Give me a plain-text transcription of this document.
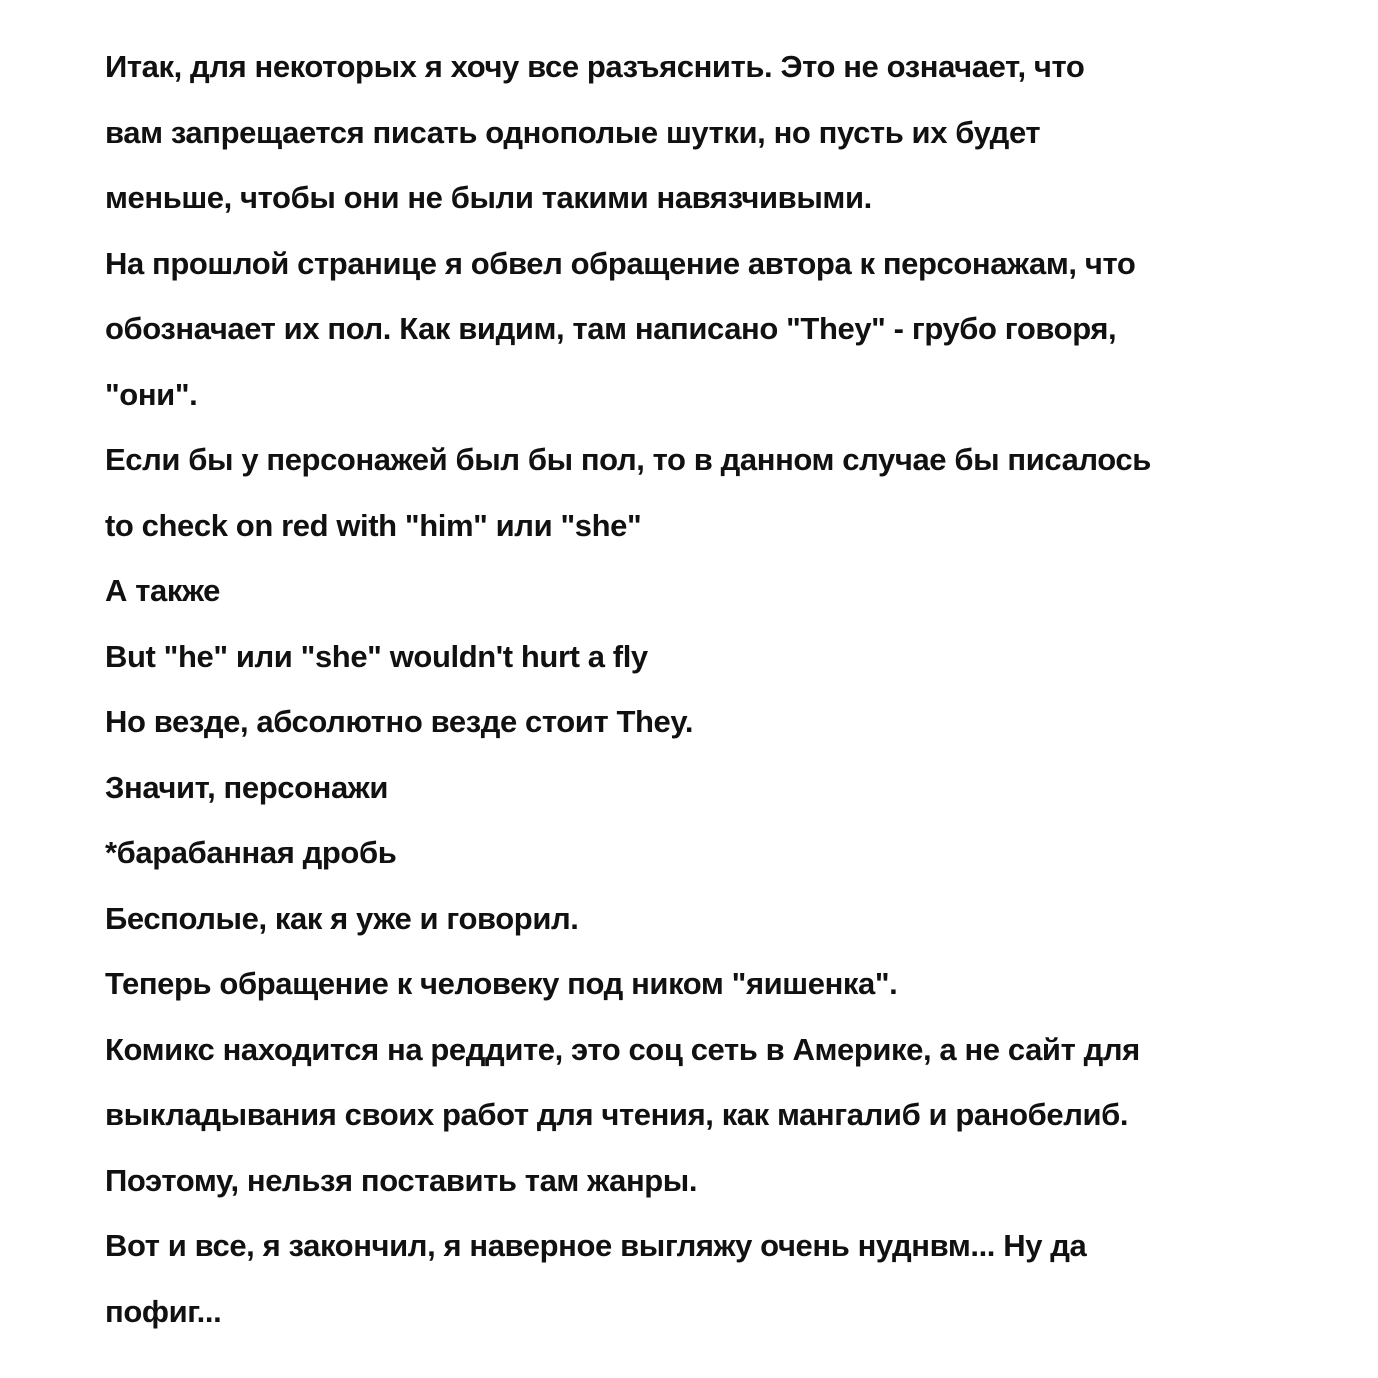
Итак, для некоторых я хочу все разъяснить. Это не означает, что
вам запрещается писать однополые шутки, но пусть их будет
меньше, чтобы они не были такими навязчивыми.
На прошлой странице я обвел обращение автора к персонажам, что
обозначает их пол. Как видим, там написано "They" - грубо говоря,
"они".
Если бы у персонажей был бы пол, то в данном случае бы писалось
to check on red with "him" или "she"
А также
But "he" или "she" wouldn't hurt a fly
Но везде, абсолютно везде стоит They.
Значит, персонажи
*барабанная дробь
Бесполые, как я уже и говорил.
Теперь обращение к человеку под ником "яишенка".
Комикс находится на реддите, это соц сеть в Америке, а не сайт для
выкладывания своих работ для чтения, как мангалиб и ранобелиб.
Поэтому, нельзя поставить там жанры.
Вот и все, я закончил, я наверное выгляжу очень нуднвм... Ну да
пофиг...
